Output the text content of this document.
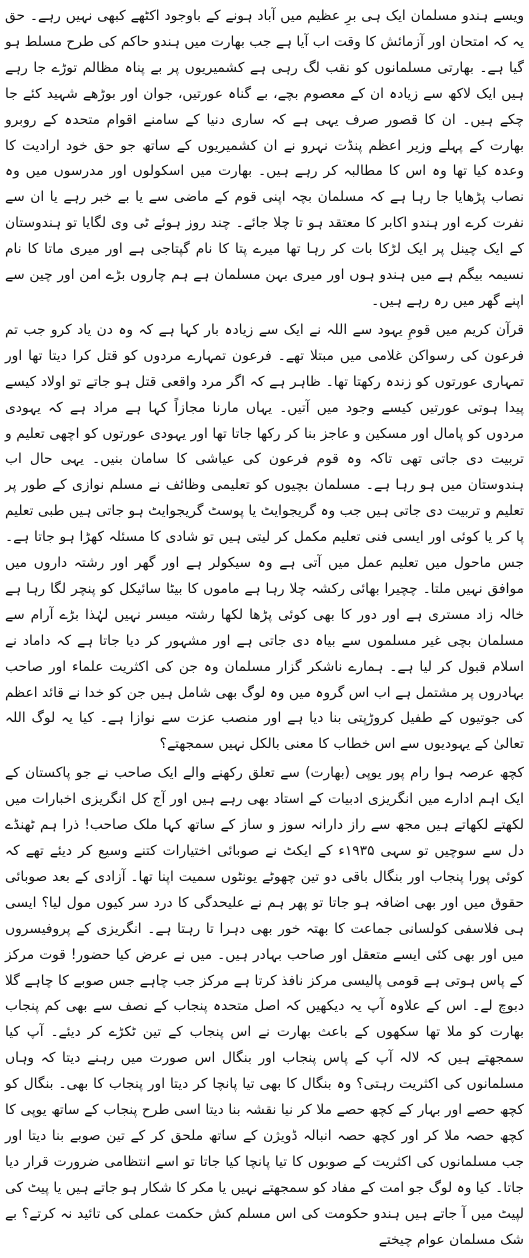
ویسے ہندو مسلمان ایک ہی برِ عظیم میں آباد ہونے کے باوجود اکٹھے کبھی نہیں رہے۔ حق یہ کہ امتحان اور آزمائش کا وقت اب آیا ہے جب بھارت میں ہندو حاکم کی طرح مسلط ہو گیا ہے۔ بھارتی مسلمانوں کو نقب لگ رہی ہے کشمیریوں پر بے پناہ مظالم توڑے جا رہے ہیں ایک لاکھ سے زیادہ ان کے معصوم بچے، بے گناہ عورتیں، جوان اور بوڑھے شہید کئے جا چکے ہیں۔ ان کا قصور صرف یہی ہے کہ ساری دنیا کے سامنے اقوام متحدہ کے روبرو بھارت کے پہلے وزیر اعظم پنڈت نہرو نے ان کشمیریوں کے ساتھ جو حق خود ارادیت کا وعدہ کیا تھا وہ اس کا مطالبہ کر رہے ہیں۔ بھارت میں اسکولوں اور مدرسوں میں وہ نصاب پڑھایا جا رہا ہے کہ مسلمان بچہ اپنی قوم کے ماضی سے یا بے خبر رہے یا ان سے نفرت کرے اور ہندو اکابر کا معتقد ہو تا چلا جائے۔ چند روز ہوئے ٹی وی لگایا تو ہندوستان کے ایک چینل پر ایک لڑکا بات کر رہا تھا میرے پتا کا نام گپتاجی ہے اور میری ماتا کا نام نسیمہ بیگم ہے میں ہندو ہوں اور میری بہن مسلمان ہے ہم چاروں بڑے امن اور چین سے اپنے گھر میں رہ رہے ہیں۔

قرآن کریم میں قومِ یہود سے اللہ نے ایک سے زیادہ بار کہا ہے کہ وہ دن یاد کرو جب تم فرعون کی رسواکن غلامی میں مبتلا تھے۔ فرعون تمہارے مردوں کو قتل کرا دیتا تھا اور تمہاری عورتوں کو زندہ رکھتا تھا۔ ظاہر ہے کہ اگر مرد واقعی قتل ہو جاتے تو اولاد کیسے پیدا ہوتی عورتیں کیسے وجود میں آتیں۔ یہاں مارنا مجازاً کہا ہے مراد ہے کہ یہودی مردوں کو پامال اور مسکین و عاجز بنا کر رکھا جاتا تھا اور یہودی عورتوں کو اچھی تعلیم و تربیت دی جاتی تھی تاکہ وہ قوم فرعون کی عیاشی کا سامان بنیں۔ یہی حال اب ہندوستان میں ہو رہا ہے۔ مسلمان بچیوں کو تعلیمی وظائف نے مسلم نوازی کے طور پر تعلیم و تربیت دی جاتی ہیں جب وہ گریجوایٹ یا پوسٹ گریجوایٹ ہو جاتی ہیں طبی تعلیم پا کر یا کوئی اور ایسی فنی تعلیم مکمل کر لیتی ہیں تو شادی کا مسئلہ کھڑا ہو جاتا ہے۔ جس ماحول میں تعلیم عمل میں آتی ہے وہ سیکولر ہے اور گھر اور رشتہ داروں میں موافق نہیں ملتا۔ چچیرا بھائی رکشہ چلا رہا ہے ماموں کا بیٹا سائیکل کو پنچر لگا رہا ہے خالہ زاد مستری ہے اور دور کا بھی کوئی پڑھا لکھا رشتہ میسر نہیں لہٰذا بڑے آرام سے مسلمان بچی غیر مسلموں سے بیاہ دی جاتی ہے اور مشہور کر دیا جاتا ہے کہ داماد نے اسلام قبول کر لیا ہے۔ ہمارے ناشکر گزار مسلمان وہ جن کی اکثریت علماء اور صاحب بہادروں پر مشتمل ہے اب اس گروہ میں وہ لوگ بھی شامل ہیں جن کو خدا نے قائد اعظم کی جوتیوں کے طفیل کروڑپتی بنا دیا ہے اور منصب عزت سے نوازا ہے۔ کیا یہ لوگ اللہ تعالیٰ کے یہودیوں سے اس خطاب کا معنی بالکل نہیں سمجھتے؟

کچھ عرصہ ہوا رام پور یوپی (بھارت) سے تعلق رکھنے والے ایک صاحب نے جو پاکستان کے ایک اہم ادارے میں انگریزی ادبیات کے استاد بھی رہے ہیں اور آج کل انگریزی اخبارات میں لکھتے لکھاتے ہیں مجھ سے راز دارانہ سوز و ساز کے ساتھ کہا ملک صاحب! ذرا ہم ٹھنڈے دل سے سوچیں تو سہی ۱۹۳۵ء کے ایکٹ نے صوبائی اختیارات کتنے وسیع کر دیئے تھے کہ کوئی پورا پنجاب اور بنگال باقی دو تین چھوٹے یونٹوں سمیت اپنا تھا۔ آزادی کے بعد صوبائی حقوق میں اور بھی اضافہ ہو جاتا تو پھر ہم نے علیحدگی کا درد سر کیوں مول لیا؟ ایسی ہی فلاسفی کولسانی جماعت کا بھتہ خور بھی دہرا تا رہتا ہے۔ انگریزی کے پروفیسروں میں اور بھی کئی ایسے متعقل اور صاحب بہادر ہیں۔ میں نے عرض کیا حضور! قوت مرکز کے پاس ہوتی ہے قومی پالیسی مرکز نافذ کرتا ہے مرکز جب چاہے جس صوبے کا چاہے گلا دبوچ لے۔ اس کے علاوہ آپ یہ دیکھیں کہ اصل متحدہ پنجاب کے نصف سے بھی کم پنجاب بھارت کو ملا تھا سکھوں کے باعث بھارت نے اس پنجاب کے تین ٹکڑے کر دیئے۔ آپ کیا سمجھتے ہیں کہ لالہ آپ کے پاس پنجاب اور بنگال اس صورت میں رہنے دیتا کہ وہاں مسلمانوں کی اکثریت رہتی؟ وہ بنگال کا بھی تیا پانچا کر دیتا اور پنجاب کا بھی۔ بنگال کو کچھ حصے اور بہار کے کچھ حصے ملا کر نیا نقشہ بنا دیتا اسی طرح پنجاب کے ساتھ یوپی کا کچھ حصہ ملا کر اور کچھ حصہ انبالہ ڈویژن کے ساتھ ملحق کر کے تین صوبے بنا دیتا اور جب مسلمانوں کی اکثریت کے صوبوں کا تیا پانچا کیا جاتا تو اسے انتظامی ضرورت قرار دیا جاتا۔ کیا وہ لوگ جو امت کے مفاد کو سمجھتے نہیں یا مکر کا شکار ہو جاتے ہیں یا پیٹ کی لپیٹ میں آ جاتے ہیں ہندو حکومت کی اس مسلم کش حکمت عملی کی تائید نہ کرتے؟ بے شک مسلمان عوام چیختے
